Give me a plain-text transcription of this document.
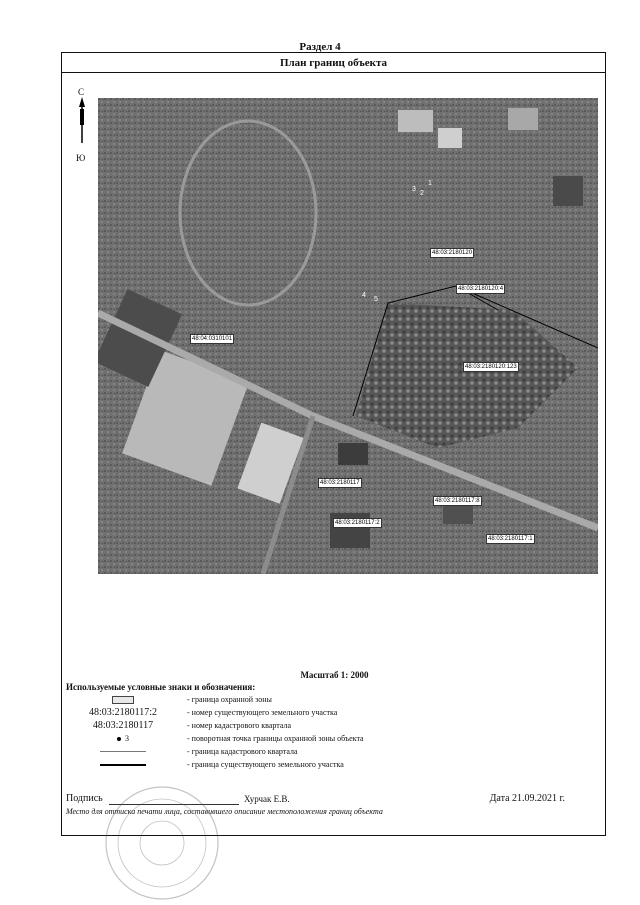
Раздел 4
План границ объекта
С
Ю
48:03:2180120
48:03:2180120:4
48:03:2180120:123
48:04:0310101
48:03:2180117
48:03:2180117:2
48:03:2180117:8
48:03:2180117:1
1
2
3
4
5
Масштаб 1: 2000
Используемые условные знаки и обозначения:
- граница охранной зоны
48:03:2180117:2	- номер существующего земельного участка
48:03:2180117	- номер кадастрового квартала
3	- поворотная точка границы охранной зоны объекта
- граница кадастрового квартала
- граница существующего земельного участка
Подпись	Хурчак Е.В.	Дата 21.09.2021 г.
Место для оттиска печати лица, составившего описание местоположения границ объекта
